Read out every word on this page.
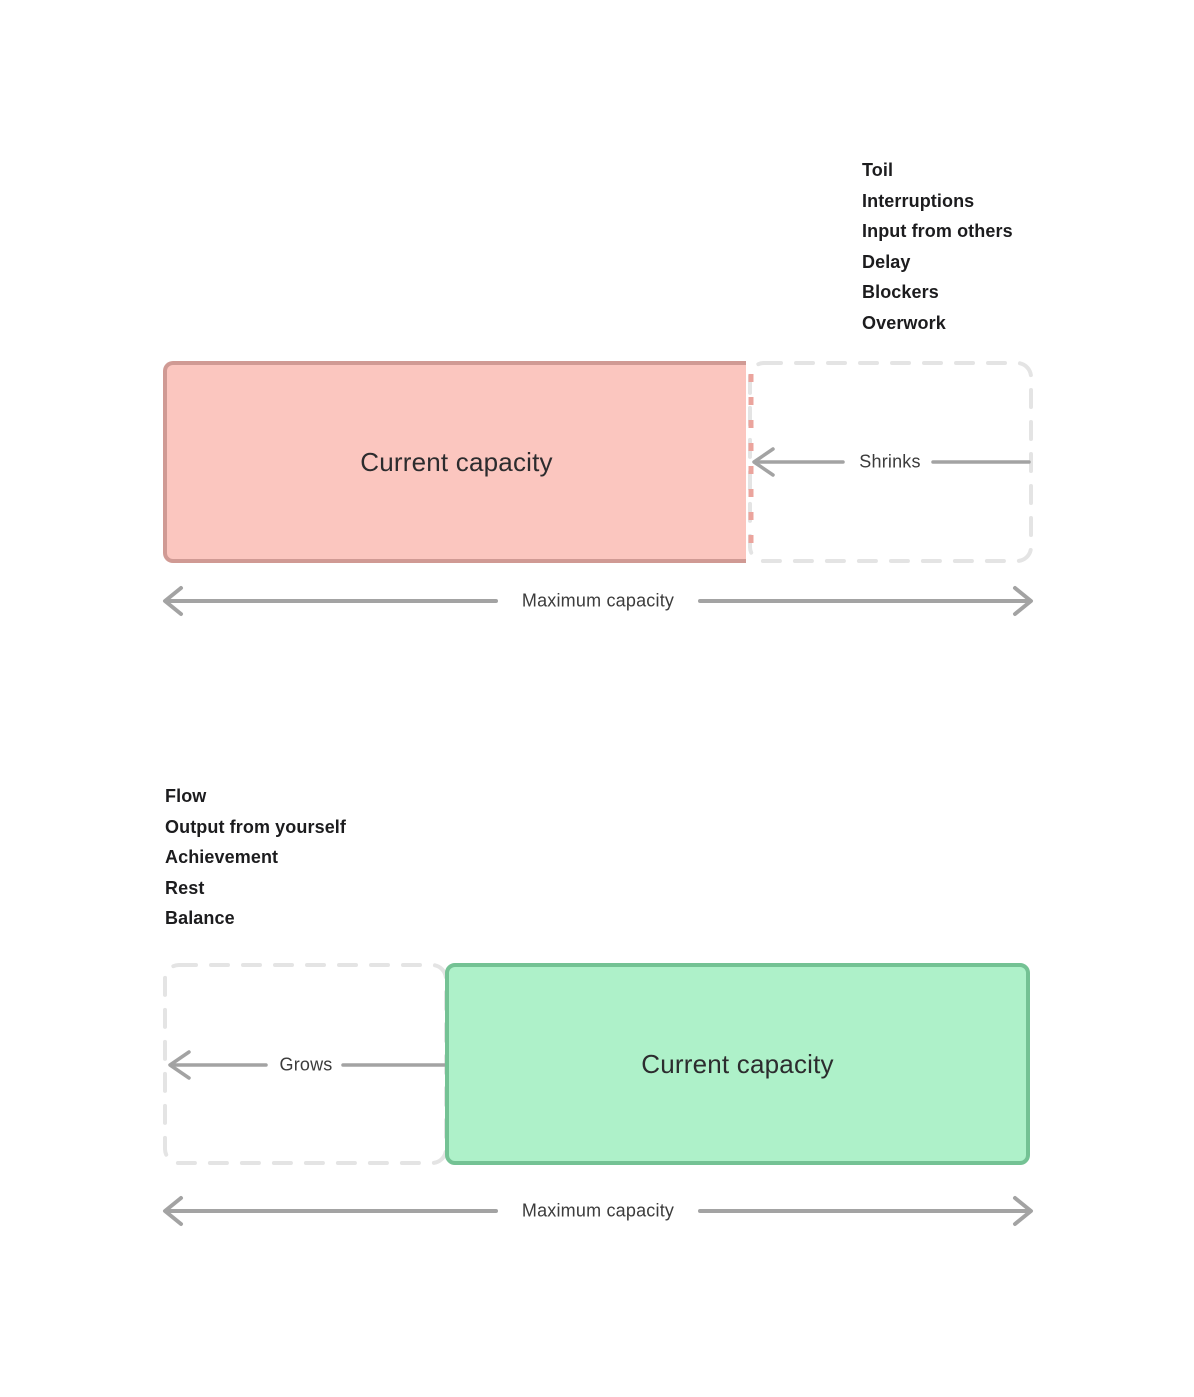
Toil
Interruptions
Input from others
Delay
Blockers
Overwork
Current capacity	Shrinks
Maximum capacity
Flow
Output from yourself
Achievement
Rest
Balance
Current capacity
Grows
Maximum capacity
